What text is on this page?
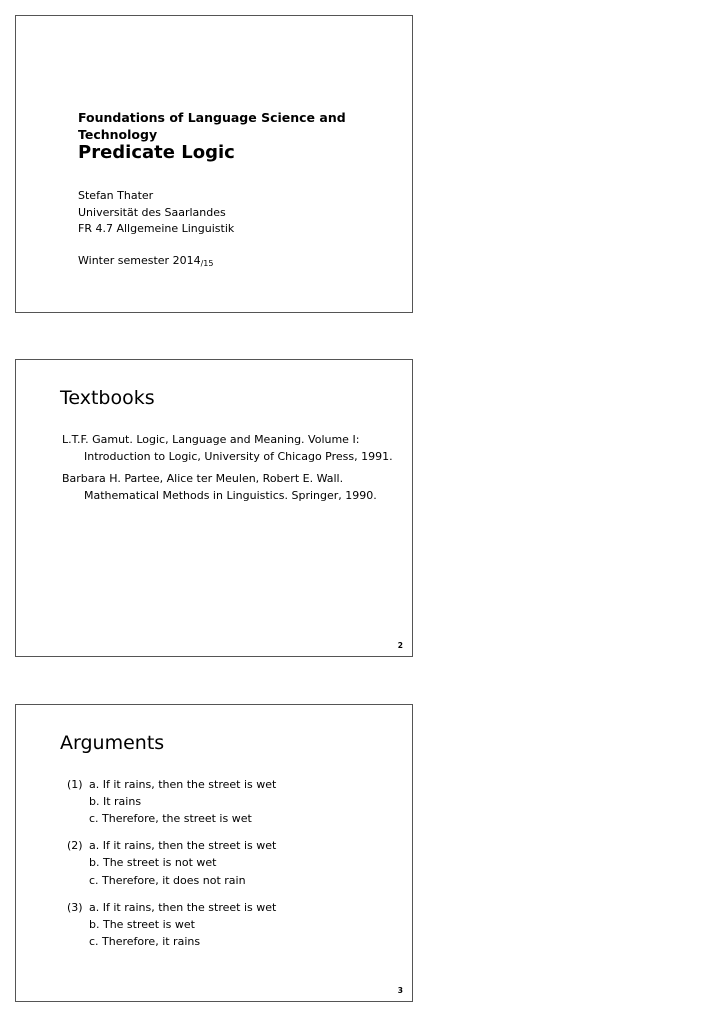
Foundations of Language Science and Technology
Predicate Logic
Stefan Thater
Universität des Saarlandes
FR 4.7 Allgemeine Linguistik
Winter semester $2014_{/15}$
Textbooks
L.T.F. Gamut. Logic, Language and Meaning. Volume I:
Introduction to Logic, University of Chicago Press, 1991.
Barbara H. Partee, Alice ter Meulen, Robert E. Wall.
Mathematical Methods in Linguistics. Springer, 1990.
2
Arguments
(1) a. If it rains, then the street is wet
b. It rains
c. Therefore, the street is wet
(2) a. If it rains, then the street is wet
b. The street is not wet
c. Therefore, it does not rain
(3) a. If it rains, then the street is wet
b. The street is wet
c. Therefore, it rains
3
